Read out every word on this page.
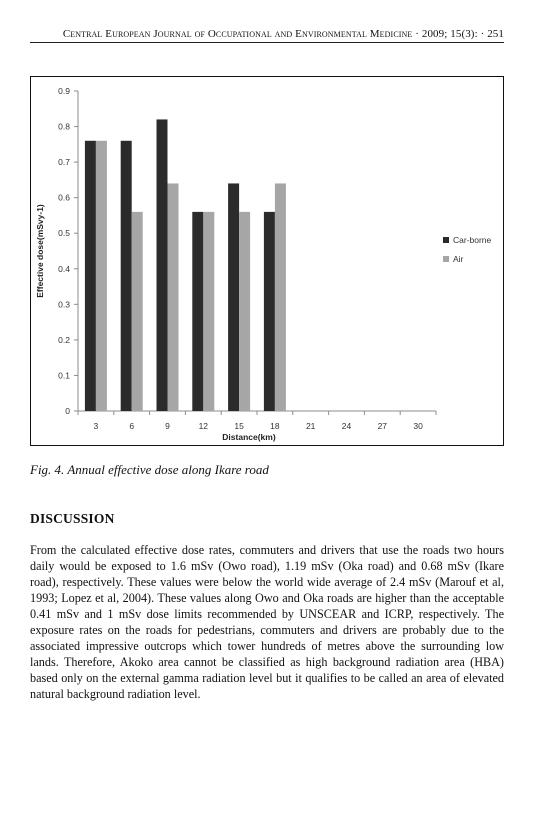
Central European Journal of Occupational and Environmental Medicine · 2009; 15(3): · 251
0
0.1
0.2
0.3
0.4
0.5
0.6
0.7
0.8
0.9
3	6	9	12	15	18	21	24	27	30
Distance(km)
Effective dose(mSvy-1)	Car-borne
Air
Fig. 4. Annual effective dose along Ikare road
DISCUSSION

From the calculated effective dose rates, commuters and drivers that use the roads two hours daily would be exposed to 1.6 mSv (Owo road), 1.19 mSv (Oka road) and 0.68 mSv (Ikare road), respectively. These values were below the world wide average of 2.4 mSv (Marouf et al, 1993; Lopez et al, 2004). These values along Owo and Oka roads are higher than the acceptable 0.41 mSv and 1 mSv dose limits recommended by UNSCEAR and ICRP, respectively. The exposure rates on the roads for pedestrians, commuters and drivers are probably due to the associated impressive outcrops which tower hundreds of metres above the surrounding low lands. Therefore, Akoko area cannot be classified as high background radiation area (HBA) based only on the external gamma radiation level but it qualifies to be called an area of elevated natural background radiation level.
